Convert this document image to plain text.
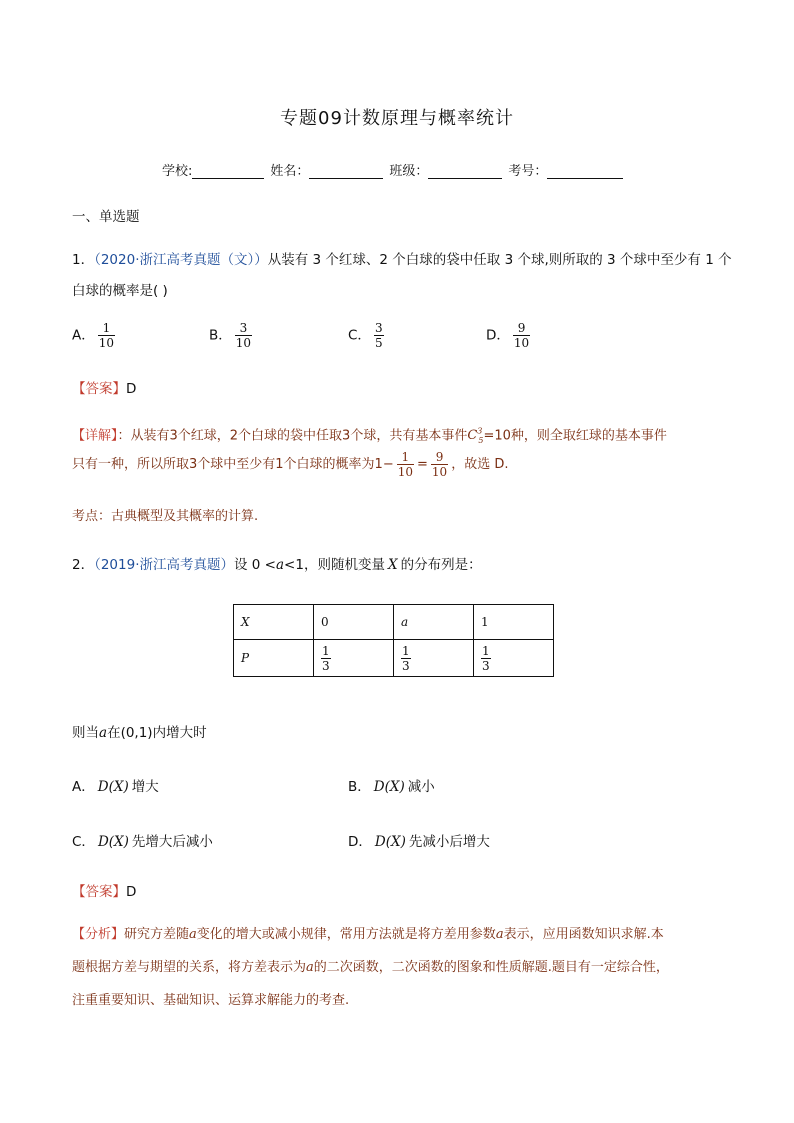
专题09计数原理与概率统计
学校:	姓名：	班级：	考号：
一、单选题
1．（2020·浙江高考真题（文））从装有 3 个红球、2 个白球的袋中任取 3 个球,则所取的 3 个球中至少有 1 个
白球的概率是( )
A． $\frac{1}{10}$	B． $\frac{3}{10}$	C． $\frac{3}{5}$	D． $\frac{9}{10}$
【答案】D
【详解】：从装有3个红球，2个白球的袋中任取3个球，共有基本事件$C^3_5=10$种，则全取红球的基本事件
只有一种，所以所取3个球中至少有1个白球的概率为$1- \frac{1}{10} = \frac{9}{10}$ ，故选 D.
考点：古典概型及其概率的计算.
2．（2019·浙江高考真题）设 0 <a<1，则随机变量 X 的分布列是：
X	0	a	1
P	$\frac{1}{3}$	$\frac{1}{3}$	$\frac{1}{3}$
则当a在(0,1)内增大时
A． D(X) 增大	B． D(X) 减小
C． D(X) 先增大后减小	D． D(X) 先减小后增大
【答案】D
【分析】研究方差随a变化的增大或减小规律，常用方法就是将方差用参数a表示，应用函数知识求解.本
题根据方差与期望的关系，将方差表示为a的二次函数，二次函数的图象和性质解题.题目有一定综合性，
注重重要知识、基础知识、运算求解能力的考查.
